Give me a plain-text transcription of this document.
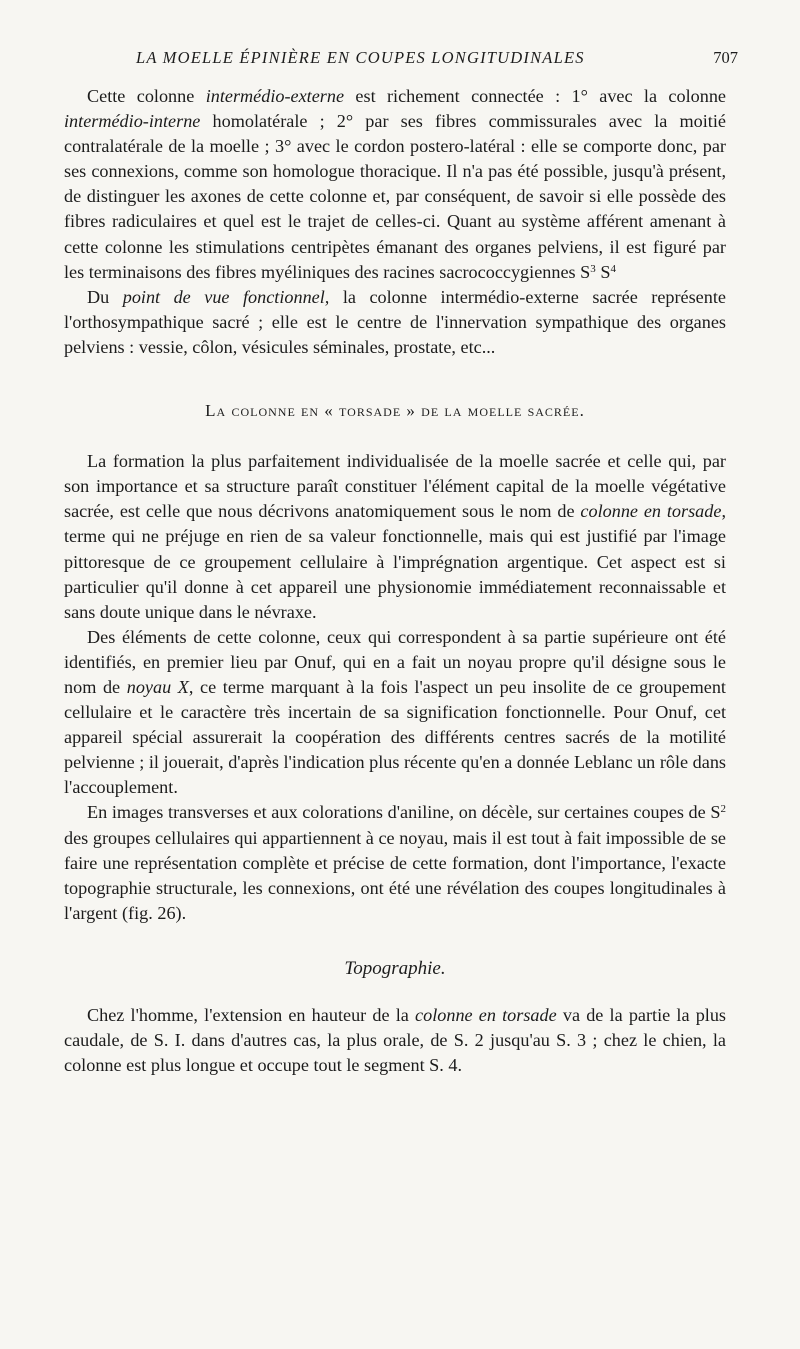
LA MOELLE ÉPINIÈRE EN COUPES LONGITUDINALES	707

Cette colonne intermédio-externe est richement connectée : 1° avec la colonne intermédio-interne homolatérale ; 2° par ses fibres commissurales avec la moitié contralatérale de la moelle ; 3° avec le cordon postero-latéral : elle se comporte donc, par ses connexions, comme son homologue thoracique. Il n'a pas été possible, jusqu'à présent, de distinguer les axones de cette colonne et, par conséquent, de savoir si elle possède des fibres radiculaires et quel est le trajet de celles-ci. Quant au système afférent amenant à cette colonne les stimulations centripètes émanant des organes pelviens, il est figuré par les terminaisons des fibres myéliniques des racines sacrococcygiennes $S^3$ $S^4$

Du point de vue fonctionnel, la colonne intermédio-externe sacrée représente l'orthosympathique sacré ; elle est le centre de l'innervation sympathique des organes pelviens : vessie, côlon, vésicules séminales, prostate, etc...

La colonne en « torsade » de la moelle sacrée.

La formation la plus parfaitement individualisée de la moelle sacrée et celle qui, par son importance et sa structure paraît constituer l'élément capital de la moelle végétative sacrée, est celle que nous décrivons anatomiquement sous le nom de colonne en torsade, terme qui ne préjuge en rien de sa valeur fonctionnelle, mais qui est justifié par l'image pittoresque de ce groupement cellulaire à l'imprégnation argentique. Cet aspect est si particulier qu'il donne à cet appareil une physionomie immédiatement reconnaissable et sans doute unique dans le névraxe.

Des éléments de cette colonne, ceux qui correspondent à sa partie supérieure ont été identifiés, en premier lieu par Onuf, qui en a fait un noyau propre qu'il désigne sous le nom de noyau X, ce terme marquant à la fois l'aspect un peu insolite de ce groupement cellulaire et le caractère très incertain de sa signification fonctionnelle. Pour Onuf, cet appareil spécial assurerait la coopération des différents centres sacrés de la motilité pelvienne ; il jouerait, d'après l'indication plus récente qu'en a donnée Leblanc un rôle dans l'accouplement.

En images transverses et aux colorations d'aniline, on décèle, sur certaines coupes de $S^2$ des groupes cellulaires qui appartiennent à ce noyau, mais il est tout à fait impossible de se faire une représentation complète et précise de cette formation, dont l'importance, l'exacte topographie structurale, les connexions, ont été une révélation des coupes longitudinales à l'argent (fig. 26).

Topographie.

Chez l'homme, l'extension en hauteur de la colonne en torsade va de la partie la plus caudale, de S. I. dans d'autres cas, la plus orale, de S. 2 jusqu'au S. 3 ; chez le chien, la colonne est plus longue et occupe tout le segment S. 4.
